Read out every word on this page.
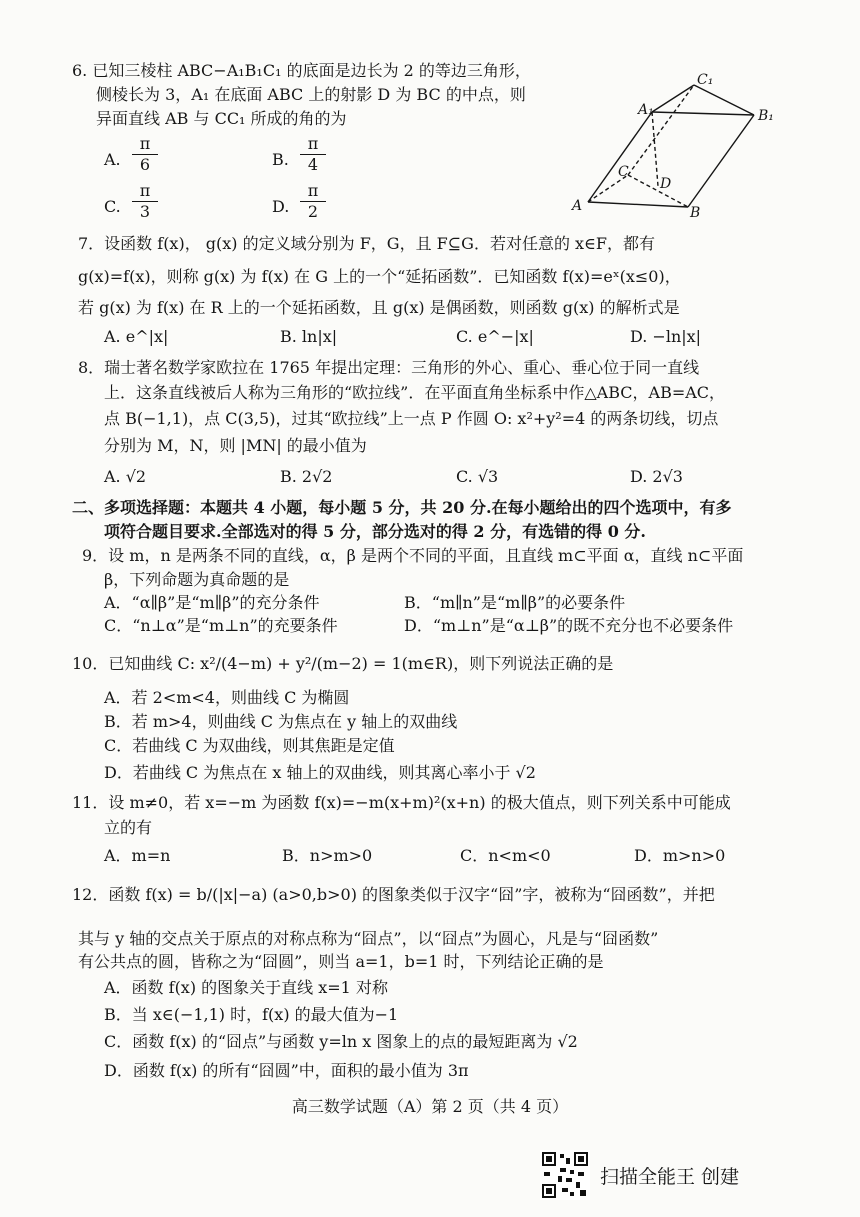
6. 已知三棱柱 ABC−A₁B₁C₁ 的底面是边长为 2 的等边三角形，
侧棱长为 3，A₁ 在底面 ABC 上的射影 D 为 BC 的中点，则
异面直线 AB 与 CC₁ 所成的角的为
A. $\frac{\pi}{6}$	B. $\frac{\pi}{4}$
C. $\frac{\pi}{3}$	D. $\frac{\pi}{2}$
C₁
A₁	B₁
C
D
A	B
7．设函数 f(x)， g(x) 的定义域分别为 F，G，且 F⊆G．若对任意的 x∈F，都有
g(x)=f(x)，则称 g(x) 为 f(x) 在 G 上的一个“延拓函数”．已知函数 f(x)=eˣ(x≤0)，
若 g(x) 为 f(x) 在 R 上的一个延拓函数，且 g(x) 是偶函数，则函数 g(x) 的解析式是
A. e^|x|	B. ln|x|	C. e^−|x|	D. −ln|x|
8．瑞士著名数学家欧拉在 1765 年提出定理：三角形的外心、重心、垂心位于同一直线
上．这条直线被后人称为三角形的“欧拉线”．在平面直角坐标系中作△ABC，AB=AC，
点 B(−1,1)，点 C(3,5)，过其“欧拉线”上一点 P 作圆 O: x²+y²=4 的两条切线，切点
分别为 M，N，则 |MN| 的最小值为
A. √2	B. 2√2	C. √3	D. 2√3
二、多项选择题：本题共 4 小题，每小题 5 分，共 20 分.在每小题给出的四个选项中，有多
项符合题目要求.全部选对的得 5 分，部分选对的得 2 分，有选错的得 0 分.
9．设 m，n 是两条不同的直线，α，β 是两个不同的平面，且直线 m⊂平面 α，直线 n⊂平面
β，下列命题为真命题的是
A．“α∥β”是“m∥β”的充分条件	B．“m∥n”是“m∥β”的必要条件
C．“n⊥α”是“m⊥n”的充要条件	D．“m⊥n”是“α⊥β”的既不充分也不必要条件
10．已知曲线 C: x²/(4−m) + y²/(m−2) = 1(m∈R)，则下列说法正确的是
A．若 2<m<4，则曲线 C 为椭圆
B．若 m>4，则曲线 C 为焦点在 y 轴上的双曲线
C．若曲线 C 为双曲线，则其焦距是定值
D．若曲线 C 为焦点在 x 轴上的双曲线，则其离心率小于 √2
11．设 m≠0，若 x=−m 为函数 f(x)=−m(x+m)²(x+n) 的极大值点，则下列关系中可能成
立的有
A．m=n	B．n>m>0	C．n<m<0	D．m>n>0
12．函数 f(x) = b/(|x|−a) (a>0,b>0) 的图象类似于汉字“囧”字，被称为“囧函数”，并把
其与 y 轴的交点关于原点的对称点称为“囧点”，以“囧点”为圆心，凡是与“囧函数”
有公共点的圆，皆称之为“囧圆”，则当 a=1，b=1 时，下列结论正确的是
A．函数 f(x) 的图象关于直线 x=1 对称
B．当 x∈(−1,1) 时，f(x) 的最大值为−1
C．函数 f(x) 的“囧点”与函数 y=ln x 图象上的点的最短距离为 √2
D．函数 f(x) 的所有“囧圆”中，面积的最小值为 3π
高三数学试题（A）第 2 页（共 4 页）
扫描全能王 创建
